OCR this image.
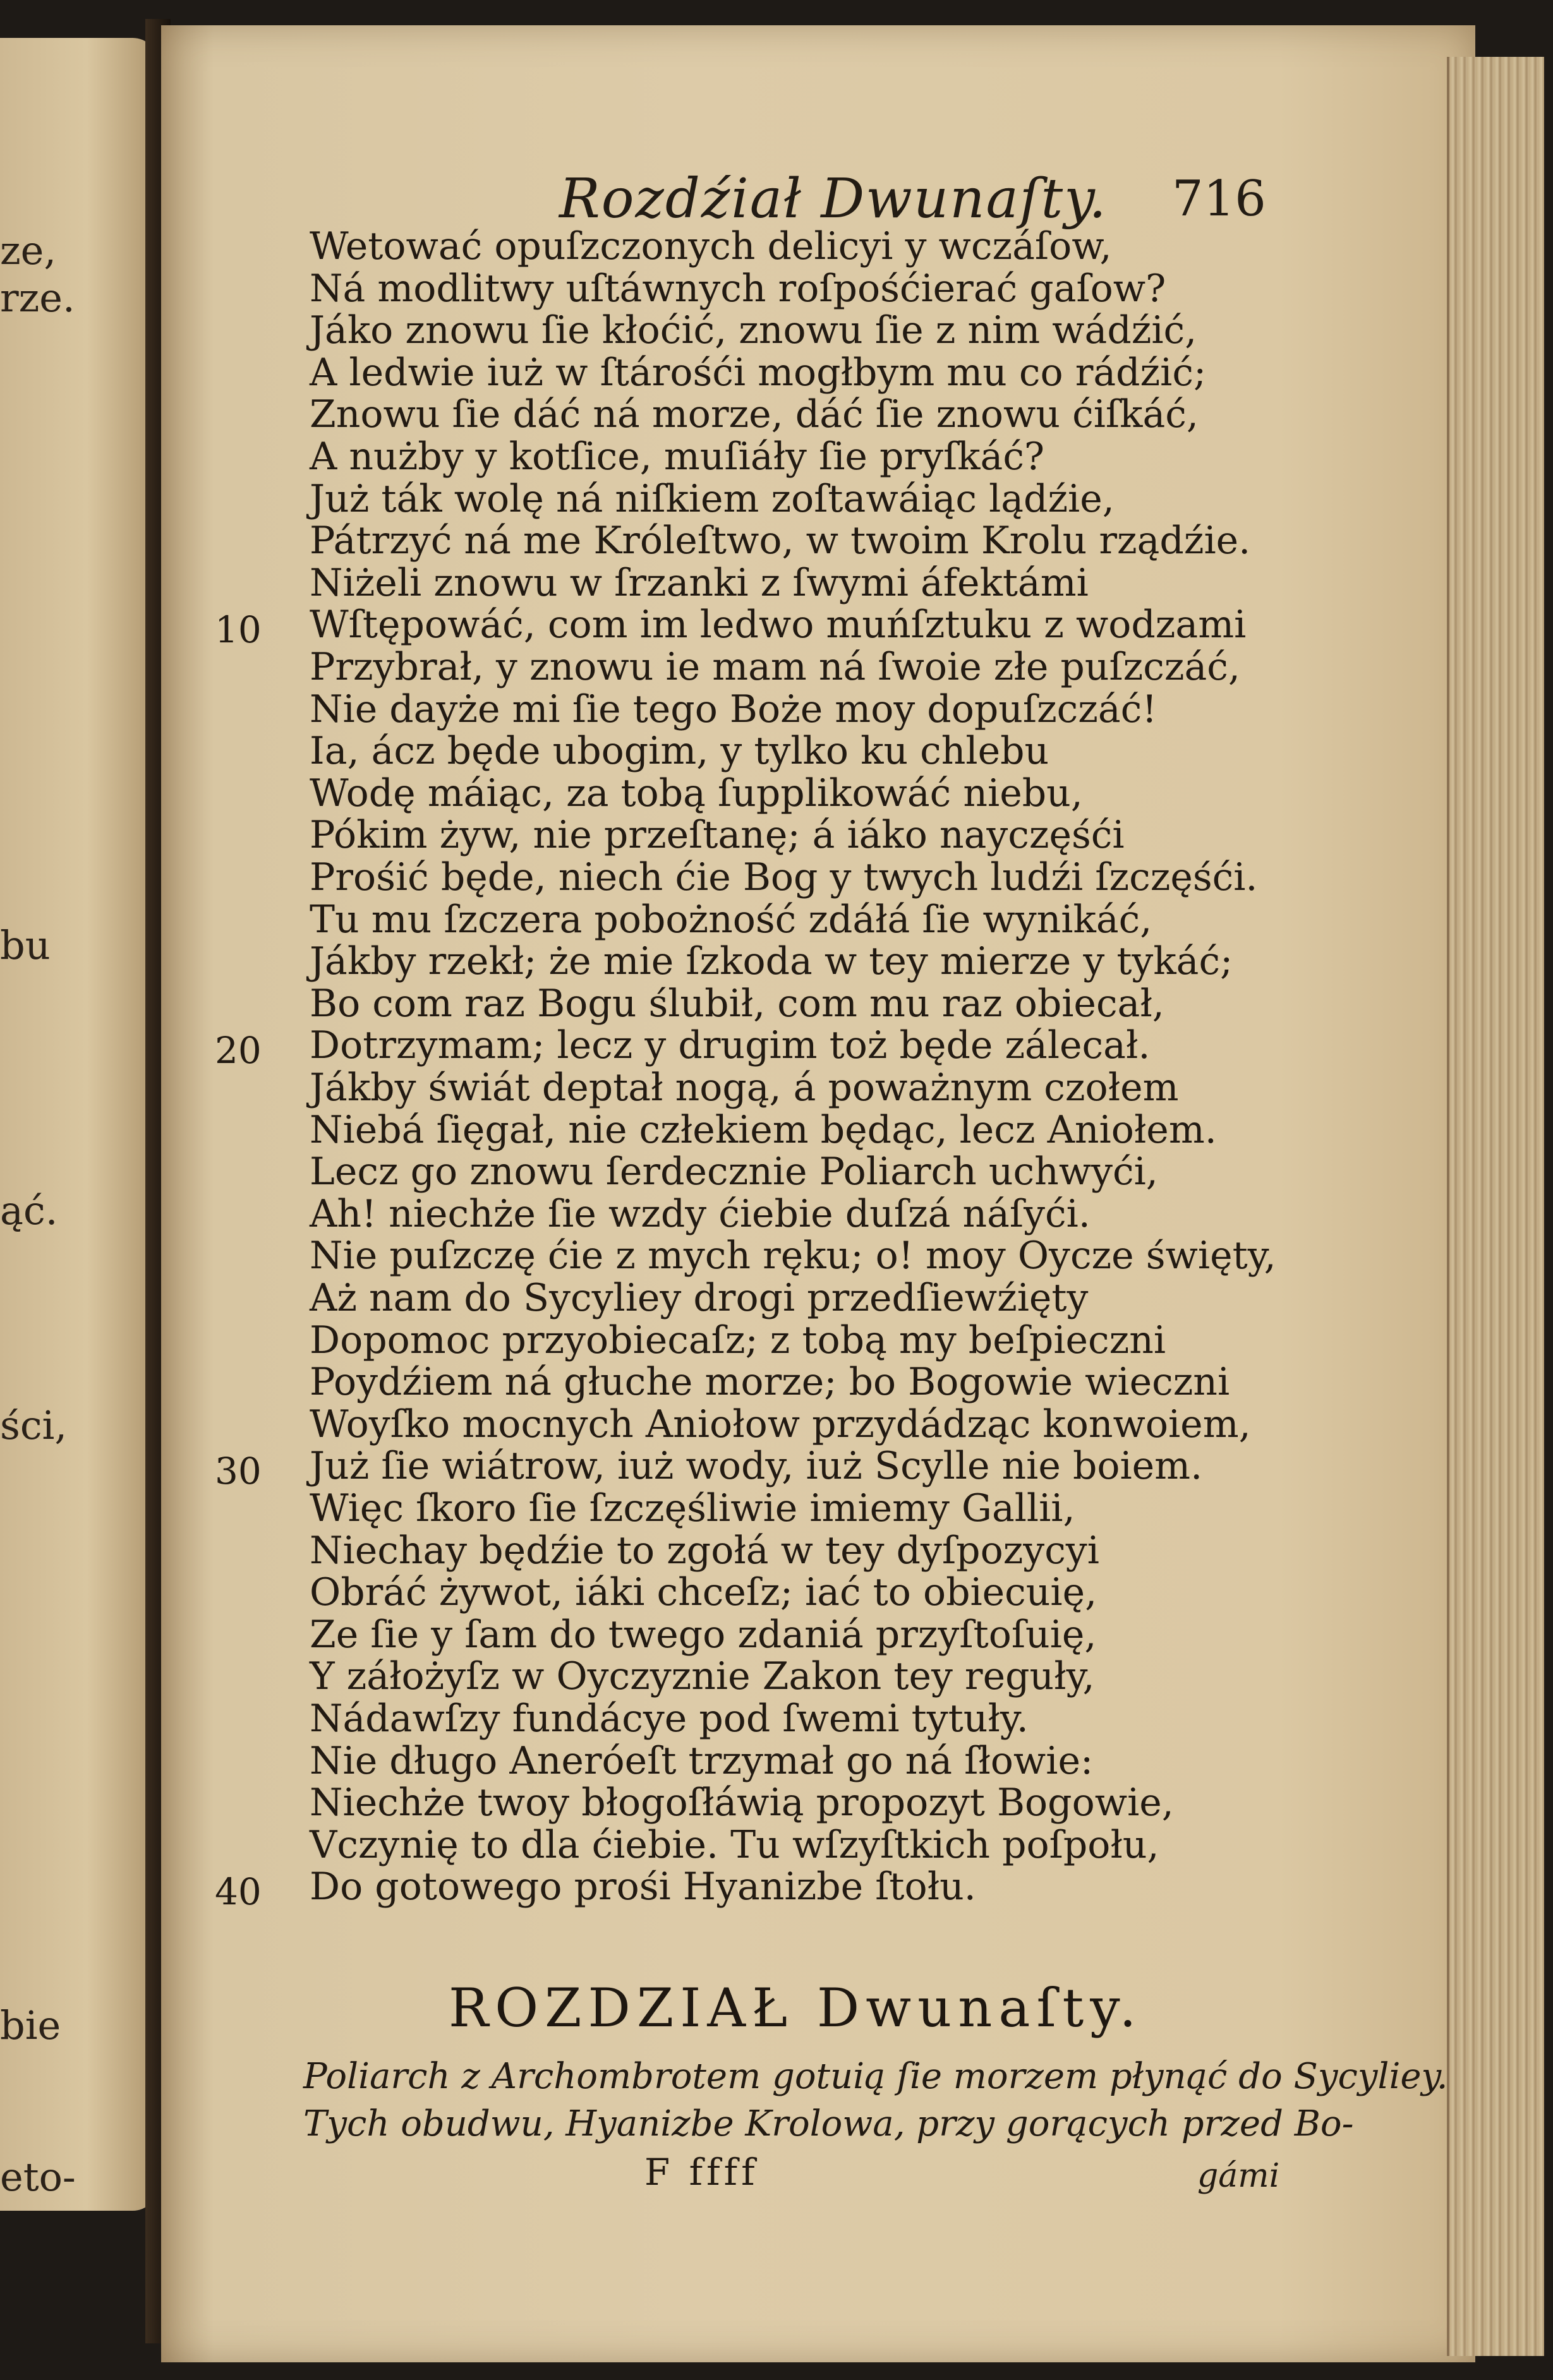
ze,
rze.
bu
ąć.
ści,
bie
eto-
Rozdźiał Dwunaſty. 716
Wetować opuſzczonych delicyi y wczáſow,
Ná modlitwy uſtáwnych roſpośćierać gaſow?
Jáko znowu ſie kłoćić, znowu ſie z nim wádźić,
A ledwie iuż w ſtárośći mogłbym mu co rádźić;
Znowu ſie dáć ná morze, dáć ſie znowu ćiſkáć,
A nużby y kotſice, muſiáły ſie pryſkáć?
Już ták wolę ná niſkiem zoſtawáiąc lądźie,
Pátrzyć ná me Króleſtwo, w twoim Krolu rządźie.
Niżeli znowu w ſrzanki z ſwymi áfektámi
Wſtępowáć, com im ledwo muńſztuku z wodzami
Przybrał, y znowu ie mam ná ſwoie złe puſzczáć,
Nie dayże mi ſie tego Boże moy dopuſzczáć!
Ia, ácz będe ubogim, y tylko ku chlebu
Wodę máiąc, za tobą ſupplikowáć niebu,
Pókim żyw, nie przeſtanę; á iáko nayczęśći
Prośić będe, niech ćie Bog y twych ludźi ſzczęśći.
Tu mu ſzczera pobożność zdáłá ſie wynikáć,
Jákby rzekł; że mie ſzkoda w tey mierze y tykáć;
Bo com raz Bogu ślubił, com mu raz obiecał,
Dotrzymam; lecz y drugim toż będe zálecał.
Jákby świát deptał nogą, á poważnym czołem
Niebá ſięgał, nie człekiem będąc, lecz Aniołem.
Lecz go znowu ſerdecznie Poliarch uchwyći,
Ah! niechże ſie wzdy ćiebie duſzá náſyći.
Nie puſzczę ćie z mych ręku; o! moy Oycze święty,
Aż nam do Sycyliey drogi przedſiewźięty
Dopomoc przyobiecaſz; z tobą my beſpieczni
Poydźiem ná głuche morze; bo Bogowie wieczni
Woyſko mocnych Aniołow przydádząc konwoiem,
Już ſie wiátrow, iuż wody, iuż Scylle nie boiem.
Więc ſkoro ſie ſzczęśliwie imiemy Gallii,
Niechay będźie to zgołá w tey dyſpozycyi
Obráć żywot, iáki chceſz; iać to obiecuię,
Ze ſie y ſam do twego zdaniá przyſtoſuię,
Y záłożyſz w Oyczyznie Zakon tey reguły,
Nádawſzy fundácye pod ſwemi tytuły.
Nie długo Aneróeſt trzymał go ná ſłowie:
Niechże twoy błogoſłáwią propozyt Bogowie,
Vczynię to dla ćiebie. Tu wſzyſtkich poſpołu,
Do gotowego prośi Hyanizbe ſtołu.
10
20
30
40
ROZDZIAŁ Dwunaſty.
Poliarch z Archombrotem gotuią ſie morzem płynąć do Sycyliey.
Tych obudwu, Hyanizbe Krolowa, przy gorących przed Bo-
F ffff	gámi
